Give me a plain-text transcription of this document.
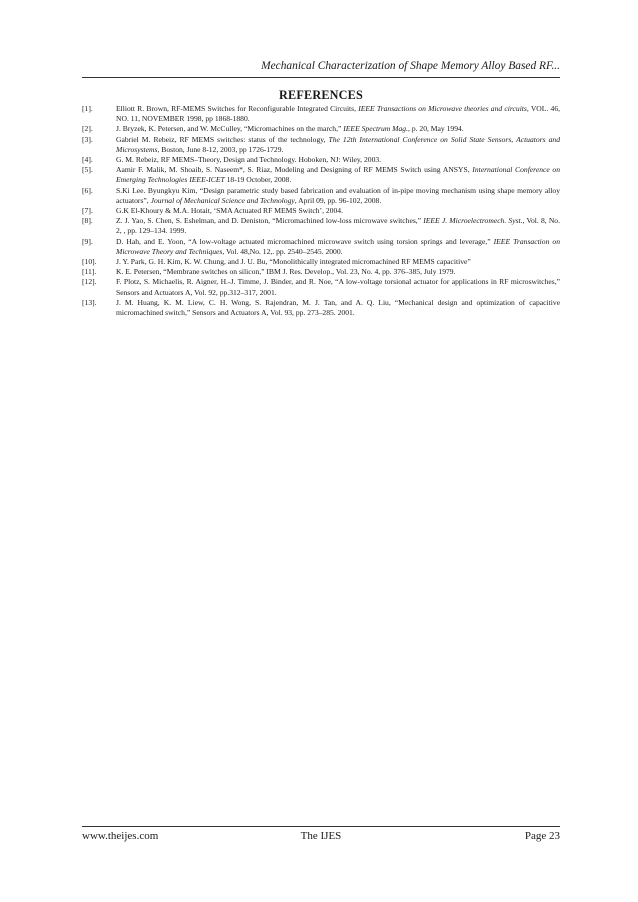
Mechanical Characterization of Shape Memory Alloy Based RF...
REFERENCES
[1].	Elliott R. Brown, RF-MEMS Switches for Reconfigurable Integrated Circuits, IEEE Transactions on Microwave theories and circuits, VOL. 46, NO. 11, NOVEMBER 1998, pp 1868-1880.
[2].	J. Bryzek, K. Petersen, and W. McCulley, “Micromachines on the march,” IEEE Spectrum Mag., p. 20, May 1994.
[3].	Gabriel M. Rebeiz, RF MEMS switches: status of the technology, The 12th International Conference on Solid State Sensors, Actuators and Microsystems, Boston, June 8-12, 2003, pp 1726-1729.
[4].	G. M. Rebeiz, RF MEMS–Theory, Design and Technology. Hoboken, NJ: Wiley, 2003.
[5].	Aamir F. Malik, M. Shoaib, S. Naseem*, S. Riaz, Modeling and Designing of RF MEMS Switch using ANSYS, International Conference on Emerging Technologies IEEE-ICET 18-19 October, 2008.
[6].	S.Ki Lee. Byungkyu Kim, “Design parametric study based fabrication and evaluation of in-pipe moving mechanism using shape memory alloy actuators”, Journal of Mechanical Science and Technology, April 09, pp. 96-102, 2008.
[7].	G.K El-Khoury & M.A. Hotait, ‘SMA Actuated RF MEMS Switch’, 2004.
[8].	Z. J. Yao, S. Chen, S. Eshelman, and D. Deniston, “Micromachined low-loss microwave switches,” IEEE J. Microelectromech. Syst., Vol. 8, No. 2, , pp. 129–134. 1999.
[9].	D. Hah, and E. Yoon, “A low-voltage actuated micromachined microwave switch using torsion springs and leverage,” IEEE Transaction on Microwave Theory and Techniques, Vol. 48,No. 12,. pp. 2540–2545. 2000.
[10].	J. Y. Park, G. H. Kim, K. W. Chung, and J. U. Bu, “Monolithically integrated micromachined RF MEMS capacitive”
[11].	K. E. Petersen, “Membrane switches on silicon,” IBM J. Res. Develop., Vol. 23, No. 4, pp. 376–385, July 1979.
[12].	F. Plotz, S. Michaelis, R. Aigner, H.-J. Timme, J. Binder, and R. Noe, “A low-voltage torsional actuator for applications in RF microswitches,” Sensors and Actuators A, Vol. 92, pp.312–317, 2001.
[13].	J. M. Huang, K. M. Liew, C. H. Wong, S. Rajendran, M. J. Tan, and A. Q. Liu, “Mechanical design and optimization of capacitive micromachined switch,” Sensors and Actuators A, Vol. 93, pp. 273–285. 2001.
www.theijes.com	The IJES	Page 23
